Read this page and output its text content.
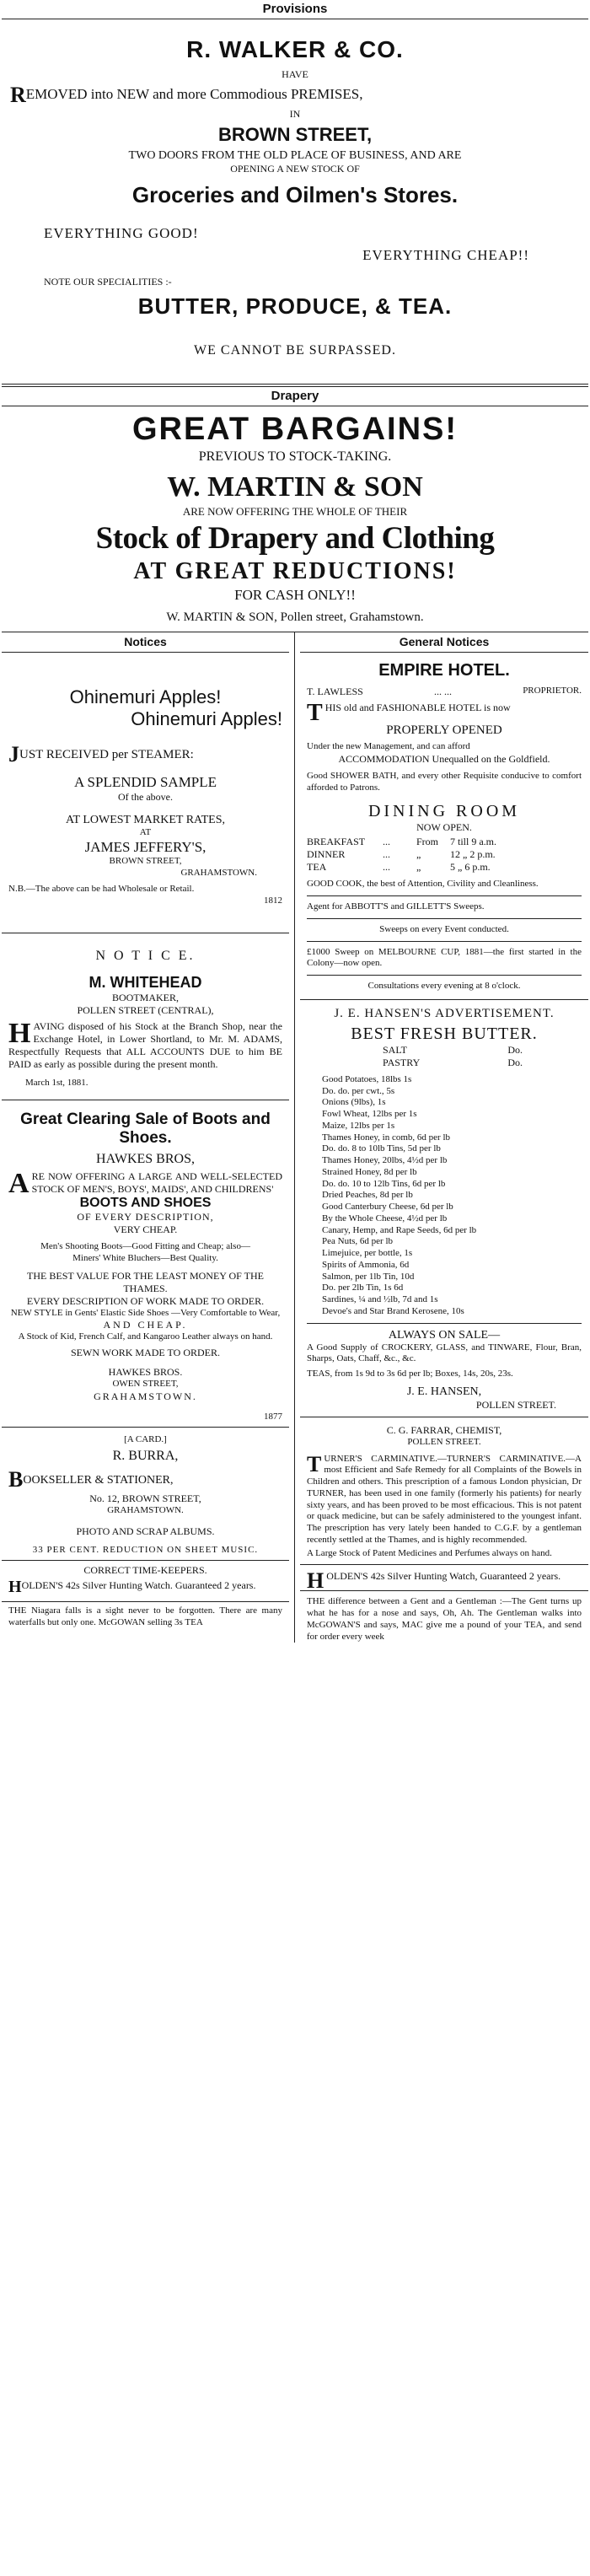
Provisions
R. WALKER & CO.
HAVE
REMOVED into NEW and more Commodious PREMISES,
IN
BROWN STREET,
TWO DOORS FROM THE OLD PLACE OF BUSINESS, AND ARE
OPENING A NEW STOCK OF
Groceries and Oilmen's Stores.
EVERYTHING GOOD!
EVERYTHING CHEAP!!
NOTE OUR SPECIALITIES :-
BUTTER, PRODUCE, & TEA.
WE CANNOT BE SURPASSED.
Drapery
GREAT BARGAINS!
PREVIOUS TO STOCK-TAKING.
W. MARTIN & SON
ARE NOW OFFERING THE WHOLE OF THEIR
Stock of Drapery and Clothing
AT GREAT REDUCTIONS!
FOR CASH ONLY!!
W. MARTIN & SON, Pollen street, Grahamstown.
Notices
Ohinemuri Apples!
Ohinemuri Apples!
JUST RECEIVED per STEAMER:
A SPLENDID SAMPLE
Of the above.
AT LOWEST MARKET RATES,
AT
JAMES JEFFERY'S,
BROWN STREET,
GRAHAMSTOWN.
N.B.—The above can be had Wholesale or Retail.
1812
N O T I C E.
M. WHITEHEAD
BOOTMAKER,
POLLEN STREET (CENTRAL),
HAVING disposed of his Stock at the Branch Shop, near the Exchange Hotel, in Lower Shortland, to Mr. M. ADAMS, Respectfully Requests that ALL ACCOUNTS DUE to him BE PAID as early as possible during the present month.
March 1st, 1881.
Great Clearing Sale of Boots and Shoes.
HAWKES BROS,
ARE NOW OFFERING A LARGE AND WELL-SELECTED STOCK OF MEN'S, BOYS', MAIDS', AND CHILDRENS'
BOOTS AND SHOES
OF EVERY DESCRIPTION,
VERY CHEAP.
Men's Shooting Boots—Good Fitting and Cheap; also—
Miners' White Bluchers—Best Quality.
THE BEST VALUE FOR THE LEAST MONEY OF THE THAMES.
EVERY DESCRIPTION OF WORK MADE TO ORDER.
NEW STYLE in Gents' Elastic Side Shoes —Very Comfortable to Wear,
AND CHEAP.
A Stock of Kid, French Calf, and Kangaroo Leather always on hand.
SEWN WORK MADE TO ORDER.
HAWKES BROS.
OWEN STREET,
GRAHAMSTOWN.
1877
[A CARD.]
R. BURRA,
BOOKSELLER & STATIONER,
No. 12, BROWN STREET,
GRAHAMSTOWN.
PHOTO AND SCRAP ALBUMS.
33 PER CENT. REDUCTION ON SHEET MUSIC.
CORRECT TIME-KEEPERS.
HOLDEN'S 42s Silver Hunting Watch. Guaranteed 2 years.
THE Niagara falls is a sight never to be forgotten. There are many waterfalls but only one. McGOWAN selling 3s TEA
General Notices
EMPIRE HOTEL.
T. LAWLESS	... ...	PROPRIETOR.
THIS old and FASHIONABLE HOTEL is now
PROPERLY OPENED
Under the new Management, and can afford
ACCOMMODATION Unequalled on the Goldfield.
Good SHOWER BATH, and every other Requisite conducive to comfort afforded to Patrons.
DINING ROOM
NOW OPEN.
BREAKFAST	...	From	7 till 9 a.m.
DINNER	...	„	12 „ 2 p.m.
TEA	...	„	5 „ 6 p.m.
GOOD COOK, the best of Attention, Civility and Cleanliness.
Agent for ABBOTT'S and GILLETT'S Sweeps.
Sweeps on every Event conducted.
£1000 Sweep on MELBOURNE CUP, 1881—the first started in the Colony—now open.
Consultations every evening at 8 o'clock.
J. E. HANSEN'S ADVERTISEMENT.
BEST FRESH BUTTER.
SALT	Do.
PASTRY	Do.
Good Potatoes, 18lbs 1s
Do. do. per cwt., 5s
Onions (9lbs), 1s
Fowl Wheat, 12lbs per 1s
Maize, 12lbs per 1s
Thames Honey, in comb, 6d per lb
Do. do. 8 to 10lb Tins, 5d per lb
Thames Honey, 20lbs, 4½d per lb
Strained Honey, 8d per lb
Do. do. 10 to 12lb Tins, 6d per lb
Dried Peaches, 8d per lb
Good Canterbury Cheese, 6d per lb
By the Whole Cheese, 4½d per lb
Canary, Hemp, and Rape Seeds, 6d per lb
Pea Nuts, 6d per lb
Limejuice, per bottle, 1s
Spirits of Ammonia, 6d
Salmon, per 1lb Tin, 10d
Do. per 2lb Tin, 1s 6d
Sardines, ¼ and ½lb, 7d and 1s
Devoe's and Star Brand Kerosene, 10s
ALWAYS ON SALE—
A Good Supply of CROCKERY, GLASS, and TINWARE, Flour, Bran, Sharps, Oats, Chaff, &c., &c.
TEAS, from 1s 9d to 3s 6d per lb; Boxes, 14s, 20s, 23s.
J. E. HANSEN,
POLLEN STREET.
C. G. FARRAR, CHEMIST,
POLLEN STREET.
TURNER'S CARMINATIVE.—TURNER'S CARMINATIVE.—A most Efficient and Safe Remedy for all Complaints of the Bowels in Children and others. This prescription of a famous London physician, Dr TURNER, has been used in one family (formerly his patients) for nearly sixty years, and has been proved to be most efficacious. This is not patent or quack medicine, but can be safely administered to the youngest infant. The prescription has very lately been handed to C.G.F. by a gentleman recently settled at the Thames, and is highly recommended.
A Large Stock of Patent Medicines and Perfumes always on hand.
HOLDEN'S 42s Silver Hunting Watch, Guaranteed 2 years.
THE difference between a Gent and a Gentleman :—The Gent turns up what he has for a nose and says, Oh, Ah. The Gentleman walks into McGOWAN'S and says, MAC give me a pound of your TEA, and send for order every week
